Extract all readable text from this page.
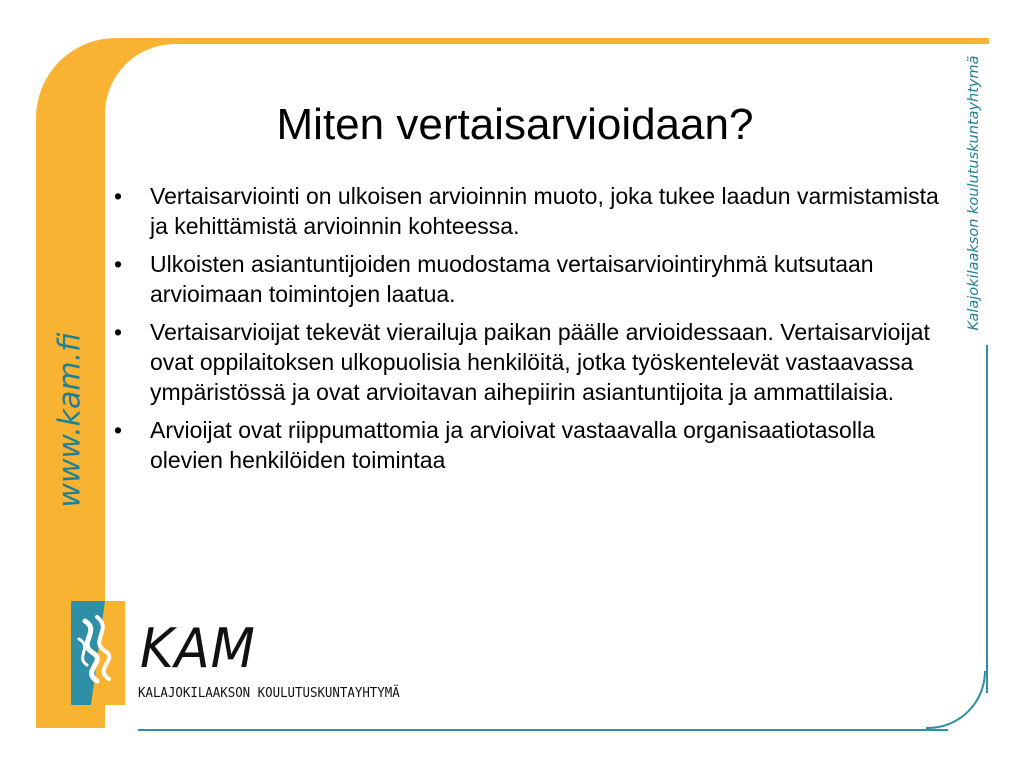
www.kam.fi
Kalajokilaakson koulutuskuntayhtymä
Miten vertaisarvioidaan?
• Vertaisarviointi on ulkoisen arvioinnin muoto, joka tukee laadun varmistamista ja kehittämistä arvioinnin kohteessa.
• Ulkoisten asiantuntijoiden muodostama vertaisarviointiryhmä kutsutaan arvioimaan toimintojen laatua.
• Vertaisarvioijat tekevät vierailuja paikan päälle arvioidessaan. Vertaisarvioijat ovat oppilaitoksen ulkopuolisia henkilöitä, jotka työskentelevät vastaavassa ympäristössä ja ovat arvioitavan aihepiirin asiantuntijoita ja ammattilaisia.
• Arvioijat ovat riippumattomia ja arvioivat vastaavalla organisaatiotasolla olevien henkilöiden toimintaa
KAM
KALAJOKILAAKSON KOULUTUSKUNTAYHTYMÄ
